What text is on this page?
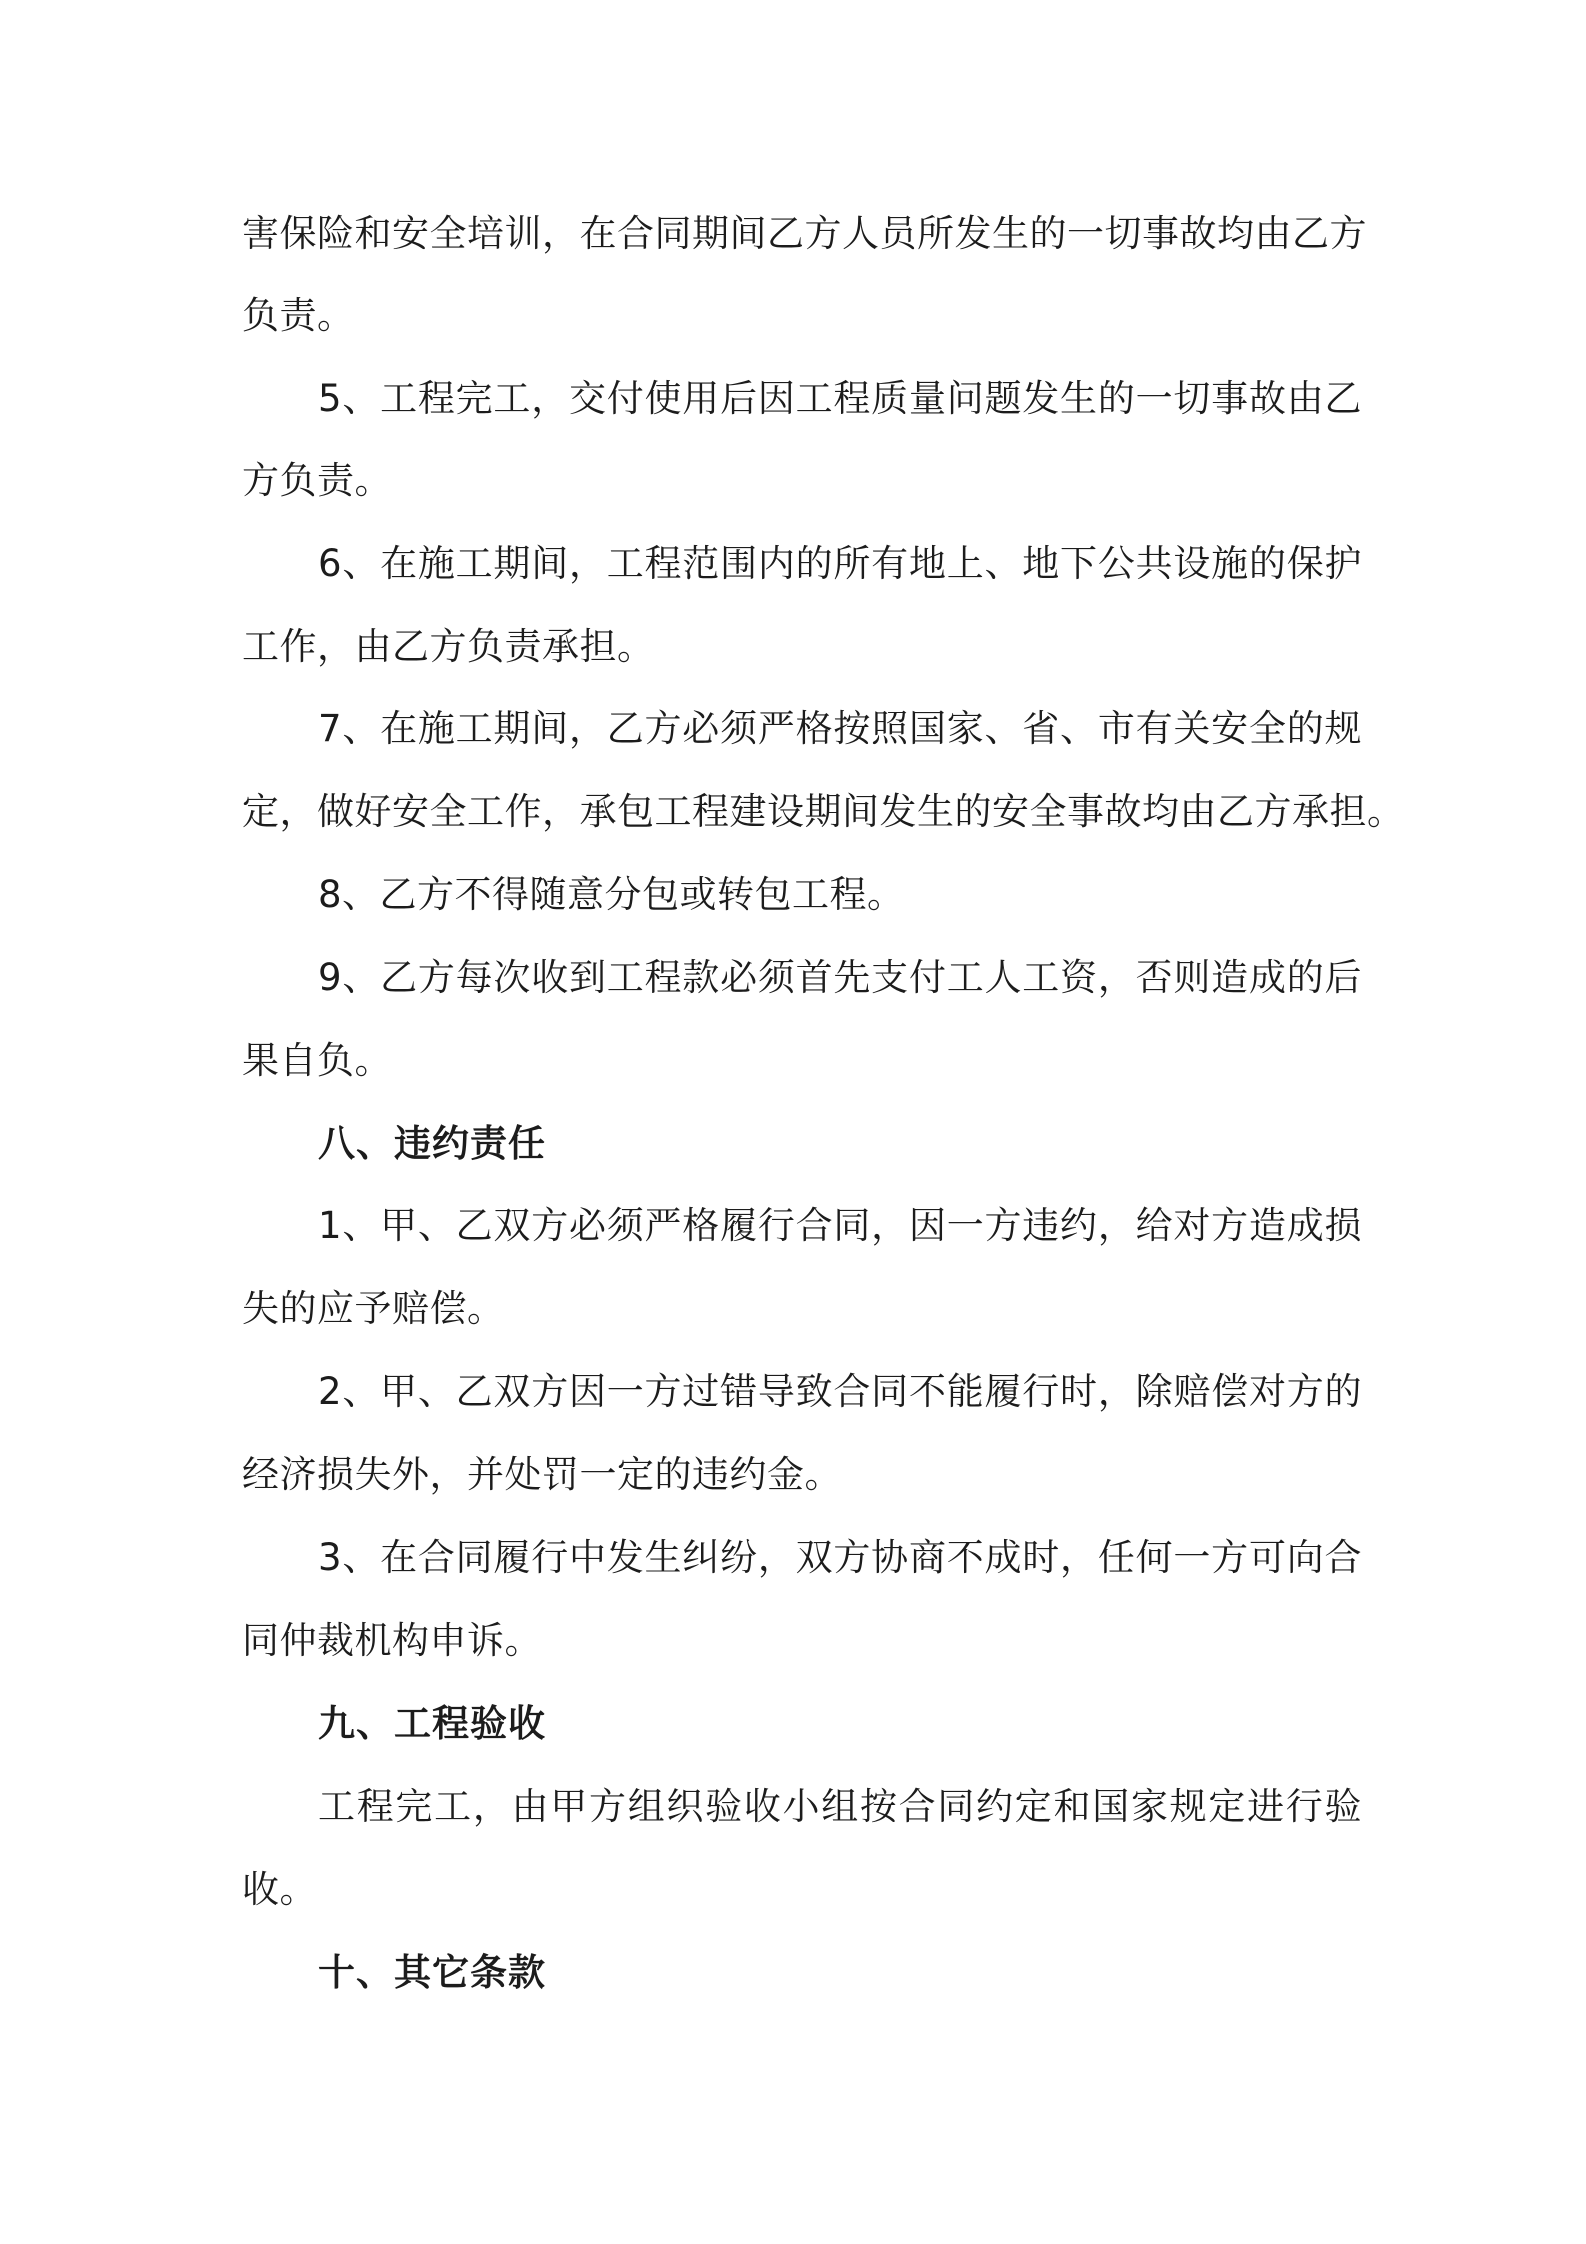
害保险和安全培训，在合同期间乙方人员所发生的一切事故均由乙方
负责。
5、工程完工，交付使用后因工程质量问题发生的一切事故由乙
方负责。
6、在施工期间，工程范围内的所有地上、地下公共设施的保护
工作，由乙方负责承担。
7、在施工期间，乙方必须严格按照国家、省、市有关安全的规
定，做好安全工作，承包工程建设期间发生的安全事故均由乙方承担。
8、乙方不得随意分包或转包工程。
9、乙方每次收到工程款必须首先支付工人工资，否则造成的后
果自负。
八、违约责任
1、甲、乙双方必须严格履行合同，因一方违约，给对方造成损
失的应予赔偿。
2、甲、乙双方因一方过错导致合同不能履行时，除赔偿对方的
经济损失外，并处罚一定的违约金。
3、在合同履行中发生纠纷，双方协商不成时，任何一方可向合
同仲裁机构申诉。
九、工程验收
工程完工，由甲方组织验收小组按合同约定和国家规定进行验
收。
十、其它条款
